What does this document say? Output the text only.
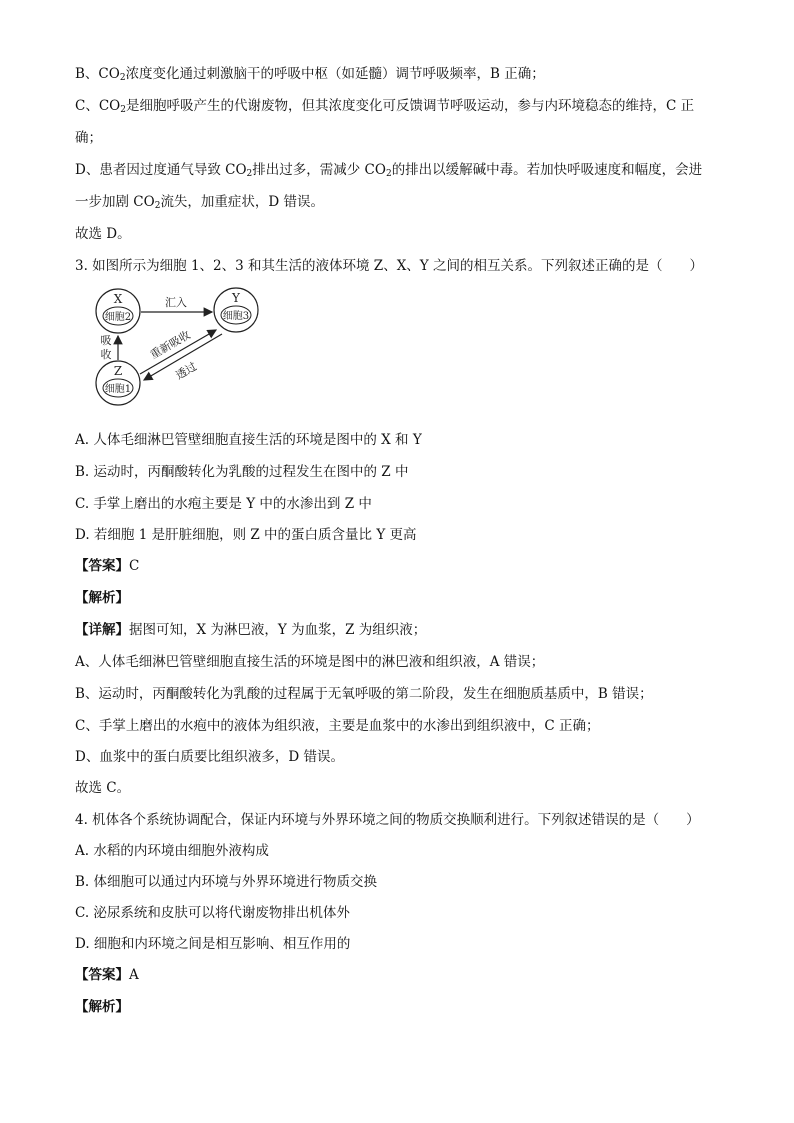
B、$CO_2$浓度变化通过刺激脑干的呼吸中枢（如延髓）调节呼吸频率，B 正确；
C、$CO_2$是细胞呼吸产生的代谢废物，但其浓度变化可反馈调节呼吸运动，参与内环境稳态的维持，C 正
确；
D、患者因过度通气导致 $CO_2$排出过多，需减少 $CO_2$的排出以缓解碱中毒。若加快呼吸速度和幅度，会进
一步加剧 $CO_2$流失，加重症状，D 错误。
故选 D。
3. 如图所示为细胞 1、2、3 和其生活的液体环境 Z、X、Y 之间的相互关系。下列叙述正确的是（　　）
X
细胞2
Y
细胞3
Z
细胞1
汇入
吸
收	重新吸收
透过
A. 人体毛细淋巴管壁细胞直接生活的环境是图中的 X 和 Y
B. 运动时，丙酮酸转化为乳酸的过程发生在图中的 Z 中
C. 手掌上磨出的水疱主要是 Y 中的水渗出到 Z 中
D. 若细胞 1 是肝脏细胞，则 Z 中的蛋白质含量比 Y 更高
【答案】C
【解析】
【详解】据图可知，X 为淋巴液，Y 为血浆，Z 为组织液；
A、人体毛细淋巴管壁细胞直接生活的环境是图中的淋巴液和组织液，A 错误；
B、运动时，丙酮酸转化为乳酸的过程属于无氧呼吸的第二阶段，发生在细胞质基质中，B 错误；
C、手掌上磨出的水疱中的液体为组织液，主要是血浆中的水渗出到组织液中，C 正确；
D、血浆中的蛋白质要比组织液多，D 错误。
故选 C。
4. 机体各个系统协调配合，保证内环境与外界环境之间的物质交换顺利进行。下列叙述错误的是（　　）
A. 水稻的内环境由细胞外液构成
B. 体细胞可以通过内环境与外界环境进行物质交换
C. 泌尿系统和皮肤可以将代谢废物排出机体外
D. 细胞和内环境之间是相互影响、相互作用的
【答案】A
【解析】
